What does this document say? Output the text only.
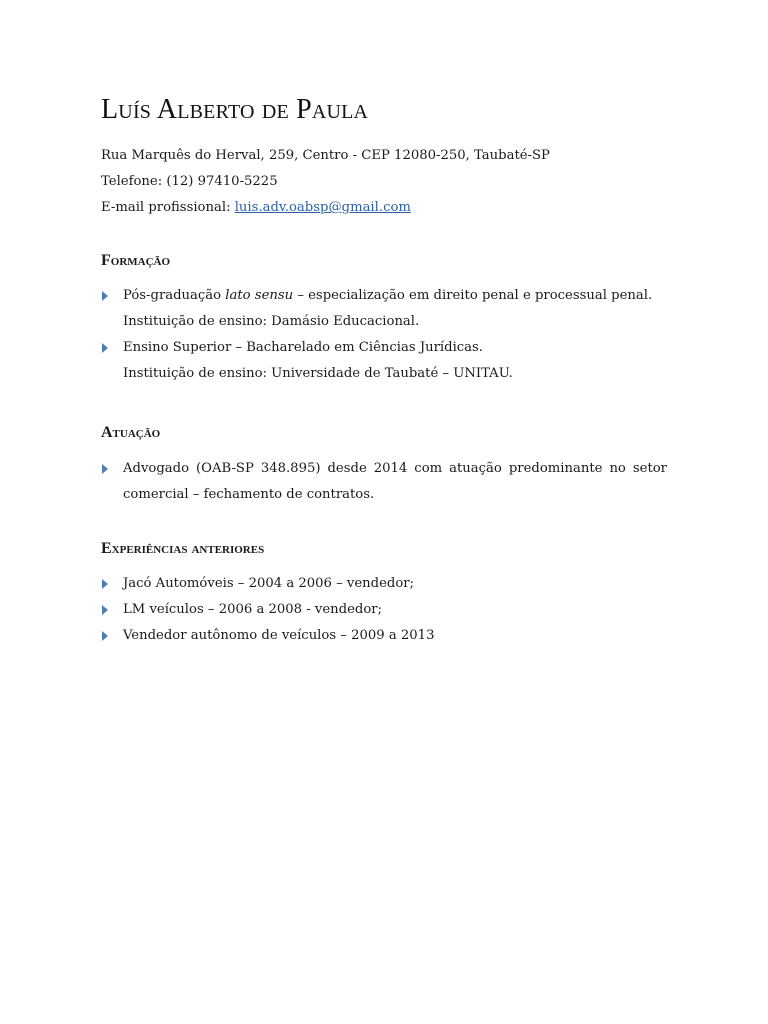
Luís Alberto de Paula
Rua Marquês do Herval, 259, Centro - CEP 12080-250, Taubaté-SP
Telefone: (12) 97410-5225
E-mail profissional: luis.adv.oabsp@gmail.com
Formação
Pós-graduação lato sensu – especialização em direito penal e processual penal.
Instituição de ensino: Damásio Educacional.
Ensino Superior – Bacharelado em Ciências Jurídicas.
Instituição de ensino: Universidade de Taubaté – UNITAU.
Atuação
Advogado (OAB-SP 348.895) desde 2014 com atuação predominante no setor comercial – fechamento de contratos.
Experiências anteriores
Jacó Automóveis – 2004 a 2006 – vendedor;
LM veículos – 2006 a 2008 - vendedor;
Vendedor autônomo de veículos – 2009 a 2013
